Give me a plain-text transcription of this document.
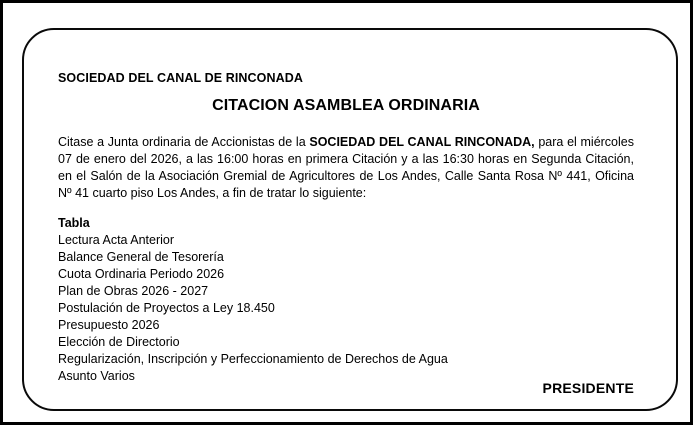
SOCIEDAD DEL CANAL DE RINCONADA
CITACION ASAMBLEA ORDINARIA

Citase a Junta ordinaria de Accionistas de la SOCIEDAD DEL CANAL RINCONADA, para el miércoles 07 de enero del 2026, a las 16:00 horas en primera Citación y a las 16:30 horas en Segunda Citación, en el Salón de la Asociación Gremial de Agricultores de Los Andes, Calle Santa Rosa Nº 441, Oficina Nº 41 cuarto piso Los Andes, a fin de tratar lo siguiente:

Tabla
Lectura Acta Anterior
Balance General de Tesorería
Cuota Ordinaria Periodo 2026
Plan de Obras 2026 - 2027
Postulación de Proyectos a Ley 18.450
Presupuesto 2026
Elección de Directorio
Regularización, Inscripción y Perfeccionamiento de Derechos de Agua
Asunto Varios
PRESIDENTE
